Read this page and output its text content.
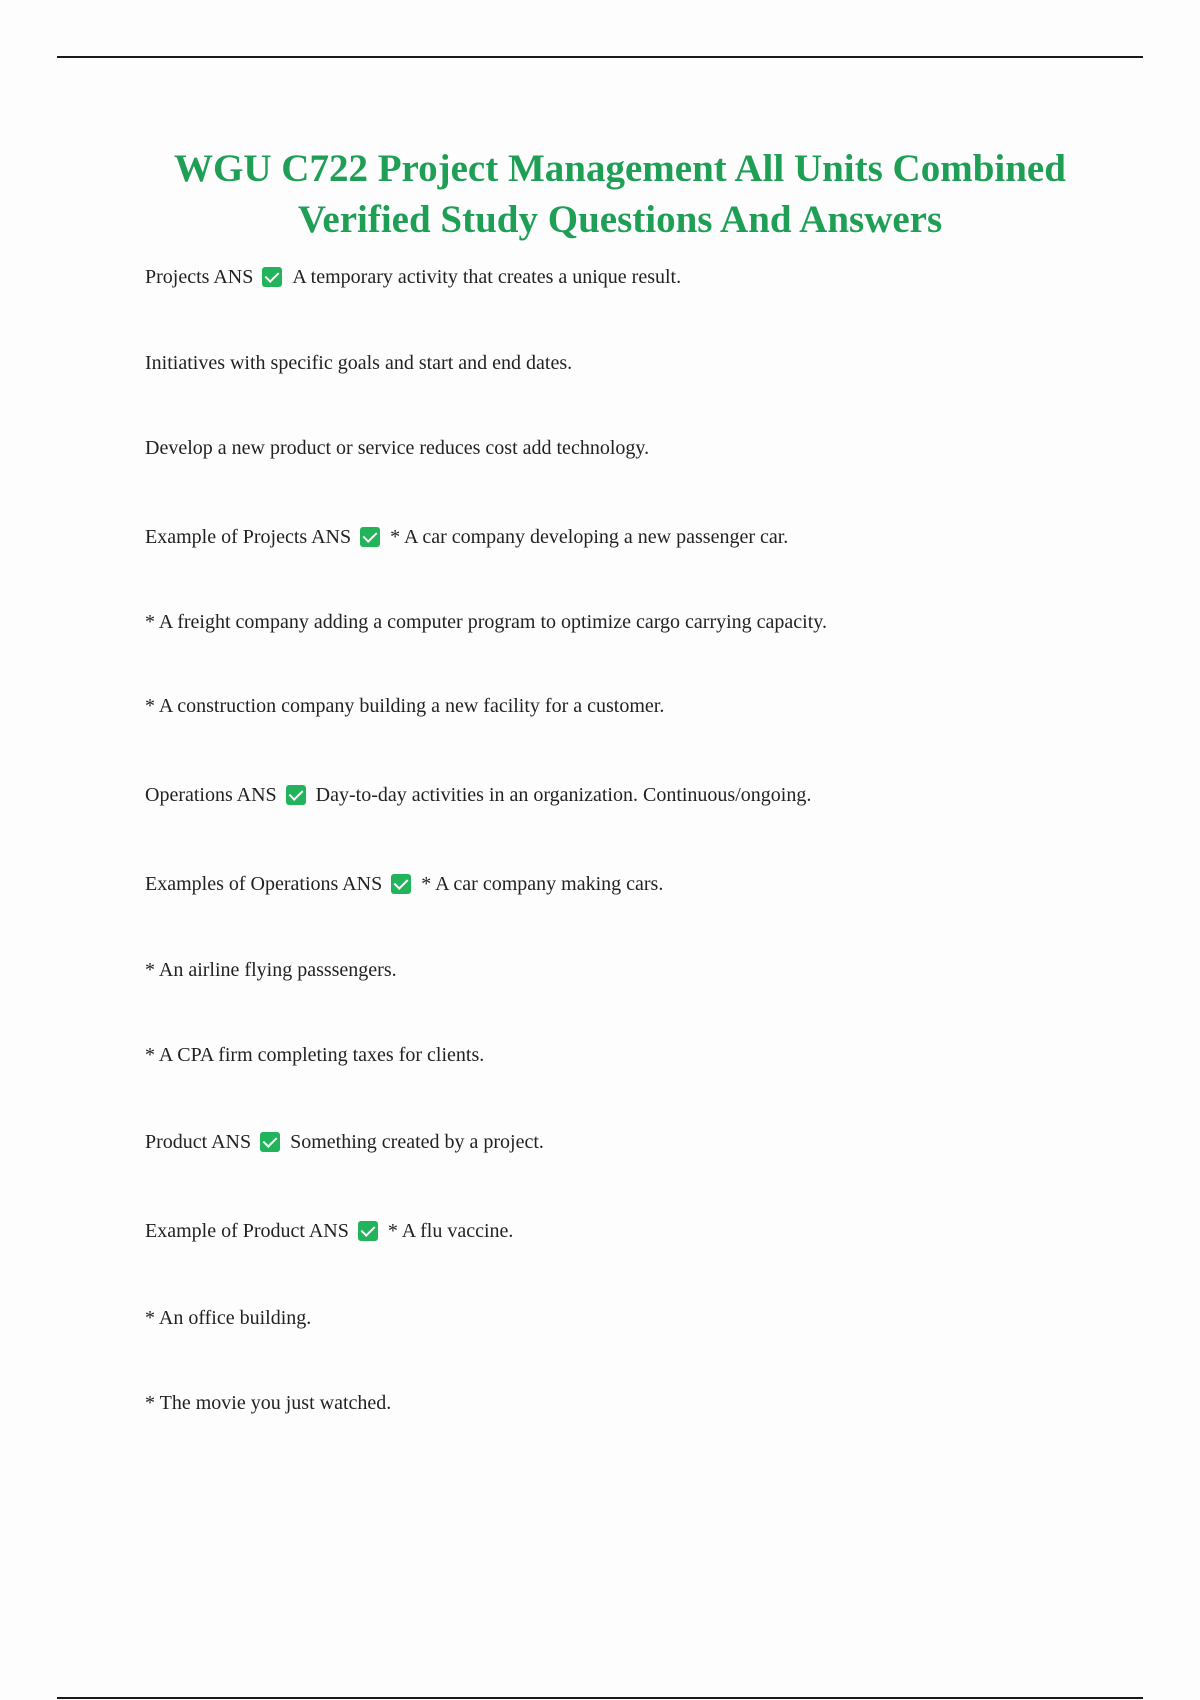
WGU C722 Project Management All Units Combined
Verified Study Questions And Answers
Projects ANS A temporary activity that creates a unique result.
Initiatives with specific goals and start and end dates.
Develop a new product or service reduces cost add technology.
Example of Projects ANS * A car company developing a new passenger car.
* A freight company adding a computer program to optimize cargo carrying capacity.
* A construction company building a new facility for a customer.
Operations ANS Day-to-day activities in an organization. Continuous/ongoing.
Examples of Operations ANS * A car company making cars.
* An airline flying passsengers.
* A CPA firm completing taxes for clients.
Product ANS Something created by a project.
Example of Product ANS * A flu vaccine.
* An office building.
* The movie you just watched.
